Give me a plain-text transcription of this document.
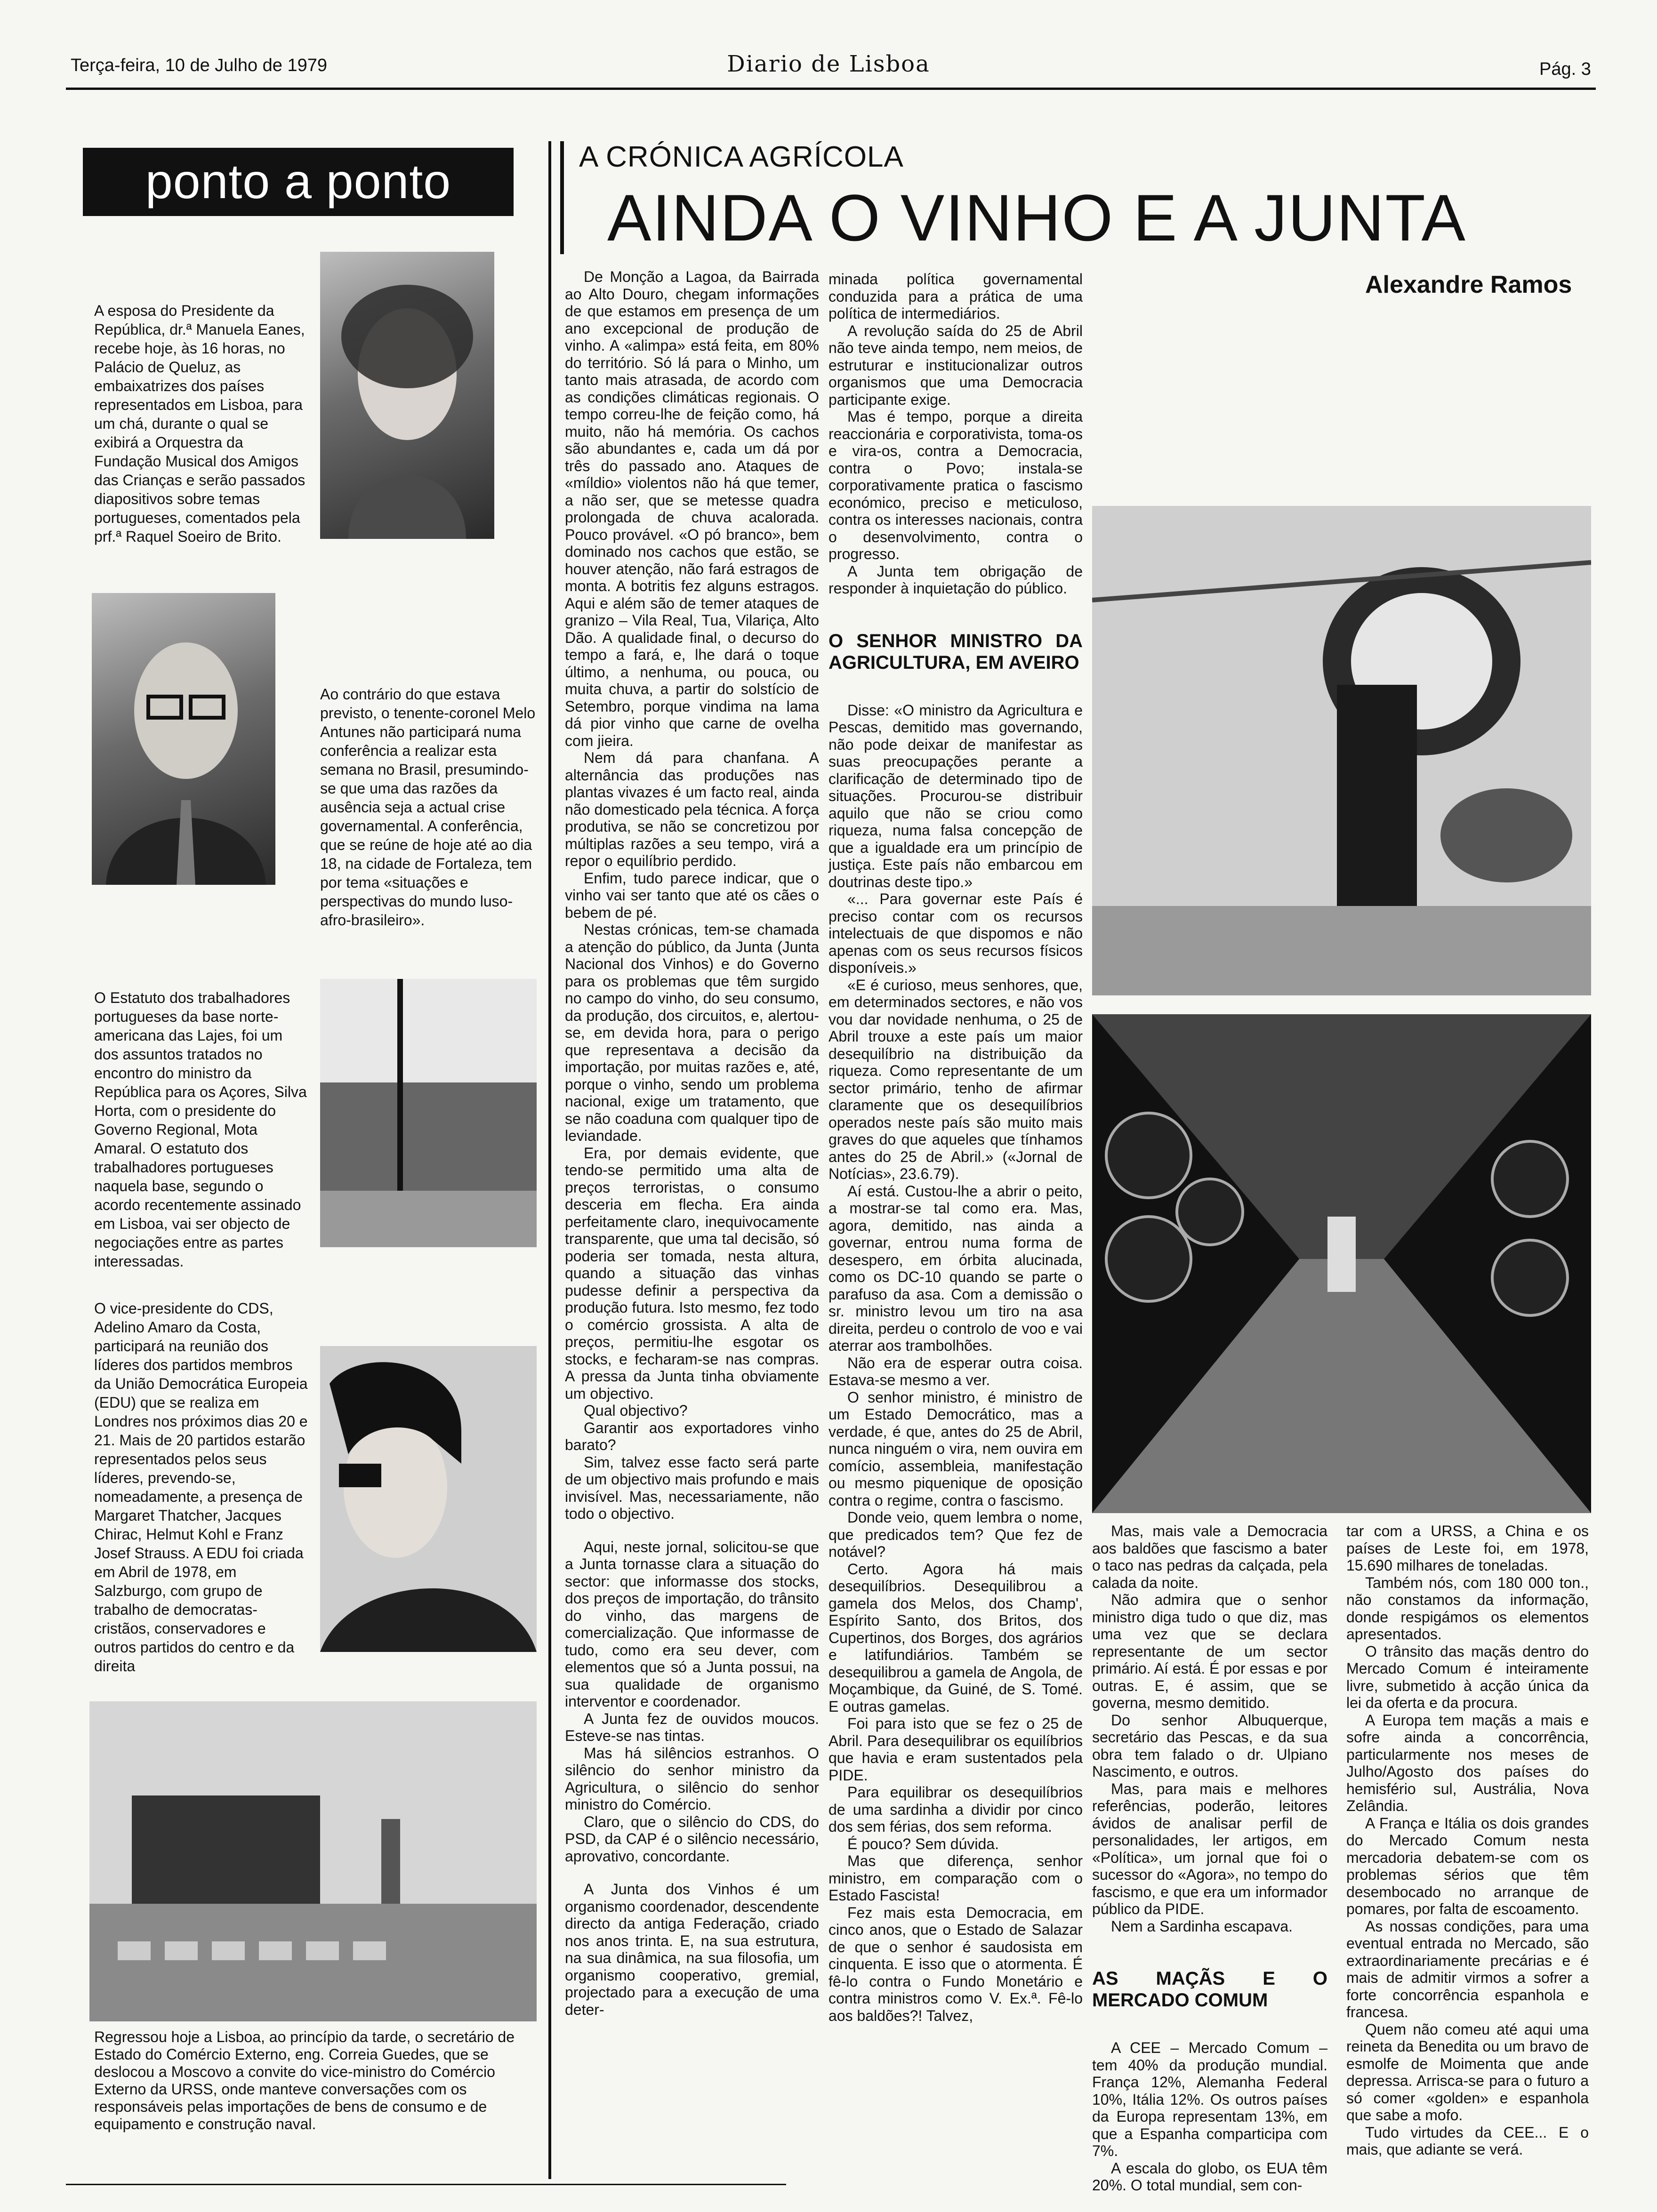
Terça-feira, 10 de Julho de 1979	Diario de Lisboa	Pág. 3
ponto a ponto
A esposa do Presidente da República, dr.ª Manuela Eanes, recebe hoje, às 16 horas, no Palácio de Queluz, as embaixatrizes dos países representados em Lisboa, para um chá, durante o qual se exibirá a Orquestra da Fundação Musical dos Amigos das Crianças e serão passados diapositivos sobre temas portugueses, comentados pela prf.ª Raquel Soeiro de Brito.
Ao contrário do que estava previsto, o tenente-coronel Melo Antunes não participará numa conferência a realizar esta semana no Brasil, presumindo-se que uma das razões da ausência seja a actual crise governamental. A conferência, que se reúne de hoje até ao dia 18, na cidade de Fortaleza, tem por tema «situações e perspectivas do mundo luso-afro-brasileiro».
O Estatuto dos trabalhadores portugueses da base norte-americana das Lajes, foi um dos assuntos tratados no encontro do ministro da República para os Açores, Silva Horta, com o presidente do Governo Regional, Mota Amaral. O estatuto dos trabalhadores portugueses naquela base, segundo o acordo recentemente assinado em Lisboa, vai ser objecto de negociações entre as partes interessadas.
O vice-presidente do CDS, Adelino Amaro da Costa, participará na reunião dos líderes dos partidos membros da União Democrática Europeia (EDU) que se realiza em Londres nos próximos dias 20 e 21. Mais de 20 partidos estarão representados pelos seus líderes, prevendo-se, nomeadamente, a presença de Margaret Thatcher, Jacques Chirac, Helmut Kohl e Franz Josef Strauss. A EDU foi criada em Abril de 1978, em Salzburgo, com grupo de trabalho de democratas-cristãos, conservadores e outros partidos do centro e da direita
Regressou hoje a Lisboa, ao princípio da tarde, o secretário de Estado do Comércio Externo, eng. Correia Guedes, que se deslocou a Moscovo a convite do vice-ministro do Comércio Externo da URSS, onde manteve conversações com os responsáveis pelas importações de bens de consumo e de equipamento e construção naval.
A CRÓNICA AGRÍCOLA
AINDA O VINHO E A JUNTA
Alexandre Ramos

De Monção a Lagoa, da Bairrada ao Alto Douro, chegam informações de que estamos em presença de um ano excepcional de produção de vinho. A «alimpa» está feita, em 80% do território. Só lá para o Minho, um tanto mais atrasada, de acordo com as condições climáticas regionais. O tempo correu-lhe de feição como, há muito, não há memória. Os cachos são abundantes e, cada um dá por três do passado ano. Ataques de «míldio» violentos não há que temer, a não ser, que se metesse quadra prolongada de chuva acalorada. Pouco provável. «O pó branco», bem dominado nos cachos que estão, se houver atenção, não fará estragos de monta. A botritis fez alguns estragos. Aqui e além são de temer ataques de granizo – Vila Real, Tua, Vilariça, Alto Dão. A qualidade final, o decurso do tempo a fará, e, lhe dará o toque último, a nenhuma, ou pouca, ou muita chuva, a partir do solstício de Setembro, porque vindima na lama dá pior vinho que carne de ovelha com jieira.

Nem dá para chanfana. A alternância das produções nas plantas vivazes é um facto real, ainda não domesticado pela técnica. A força produtiva, se não se concretizou por múltiplas razões a seu tempo, virá a repor o equilíbrio perdido.

Enfim, tudo parece indicar, que o vinho vai ser tanto que até os cães o bebem de pé.

Nestas crónicas, tem-se chamada a atenção do público, da Junta (Junta Nacional dos Vinhos) e do Governo para os problemas que têm surgido no campo do vinho, do seu consumo, da produção, dos circuitos, e, alertou-se, em devida hora, para o perigo que representava a decisão da importação, por muitas razões e, até, porque o vinho, sendo um problema nacional, exige um tratamento, que se não coaduna com qualquer tipo de leviandade.

Era, por demais evidente, que tendo-se permitido uma alta de preços terroristas, o consumo desceria em flecha. Era ainda perfeitamente claro, inequivocamente transparente, que uma tal decisão, só poderia ser tomada, nesta altura, quando a situação das vinhas pudesse definir a perspectiva da produção futura. Isto mesmo, fez todo o comércio grossista. A alta de preços, permitiu-lhe esgotar os stocks, e fecharam-se nas compras. A pressa da Junta tinha obviamente um objectivo.

Qual objectivo?

Garantir aos exportadores vinho barato?

Sim, talvez esse facto será parte de um objectivo mais profundo e mais invisível. Mas, necessariamente, não todo o objectivo.

Aqui, neste jornal, solicitou-se que a Junta tornasse clara a situação do sector: que informasse dos stocks, dos preços de importação, do trânsito do vinho, das margens de comercialização. Que informasse de tudo, como era seu dever, com elementos que só a Junta possui, na sua qualidade de organismo interventor e coordenador.

A Junta fez de ouvidos moucos. Esteve-se nas tintas.

Mas há silêncios estranhos. O silêncio do senhor ministro da Agricultura, o silêncio do senhor ministro do Comércio.

Claro, que o silêncio do CDS, do PSD, da CAP é o silêncio necessário, aprovativo, concordante.

A Junta dos Vinhos é um organismo coordenador, descendente directo da antiga Federação, criado nos anos trinta. E, na sua estrutura, na sua dinâmica, na sua filosofia, um organismo cooperativo, gremial, projectado para a execução de uma deter-

minada política governamental conduzida para a prática de uma política de intermediários.

A revolução saída do 25 de Abril não teve ainda tempo, nem meios, de estruturar e institucionalizar outros organismos que uma Democracia participante exige.

Mas é tempo, porque a direita reaccionária e corporativista, toma-os e vira-os, contra a Democracia, contra o Povo; instala-se corporativamente pratica o fascismo económico, preciso e meticuloso, contra os interesses nacionais, contra o desenvolvimento, contra o progresso.

A Junta tem obrigação de responder à inquietação do público.

O SENHOR MINISTRO DA AGRICULTURA, EM AVEIRO

Disse: «O ministro da Agricultura e Pescas, demitido mas governando, não pode deixar de manifestar as suas preocupações perante a clarificação de determinado tipo de situações. Procurou-se distribuir aquilo que não se criou como riqueza, numa falsa concepção de que a igualdade era um princípio de justiça. Este país não embarcou em doutrinas deste tipo.»

«... Para governar este País é preciso contar com os recursos intelectuais de que dispomos e não apenas com os seus recursos físicos disponíveis.»

«E é curioso, meus senhores, que, em determinados sectores, e não vos vou dar novidade nenhuma, o 25 de Abril trouxe a este país um maior desequilíbrio na distribuição da riqueza. Como representante de um sector primário, tenho de afirmar claramente que os desequilíbrios operados neste país são muito mais graves do que aqueles que tínhamos antes do 25 de Abril.» («Jornal de Notícias», 23.6.79).

Aí está. Custou-lhe a abrir o peito, a mostrar-se tal como era. Mas, agora, demitido, nas ainda a governar, entrou numa forma de desespero, em órbita alucinada, como os DC-10 quando se parte o parafuso da asa. Com a demissão o sr. ministro levou um tiro na asa direita, perdeu o controlo de voo e vai aterrar aos trambolhões.

Não era de esperar outra coisa. Estava-se mesmo a ver.

O senhor ministro, é ministro de um Estado Democrático, mas a verdade, é que, antes do 25 de Abril, nunca ninguém o vira, nem ouvira em comício, assembleia, manifestação ou mesmo piquenique de oposição contra o regime, contra o fascismo.

Donde veio, quem lembra o nome, que predicados tem? Que fez de notável?

Certo. Agora há mais desequilíbrios. Desequilibrou a gamela dos Melos, dos Champ', Espírito Santo, dos Britos, dos Cupertinos, dos Borges, dos agrários e latifundiários. Também se desequilibrou a gamela de Angola, de Moçambique, da Guiné, de S. Tomé. E outras gamelas.

Foi para isto que se fez o 25 de Abril. Para desequilibrar os equilíbrios que havia e eram sustentados pela PIDE.

Para equilibrar os desequilíbrios de uma sardinha a dividir por cinco dos sem férias, dos sem reforma.

É pouco? Sem dúvida.

Mas que diferença, senhor ministro, em comparação com o Estado Fascista!

Fez mais esta Democracia, em cinco anos, que o Estado de Salazar de que o senhor é saudosista em cinquenta. E isso que o atormenta. É fê-lo contra o Fundo Monetário e contra ministros como V. Ex.ª. Fê-lo aos baldões?! Talvez,

Mas, mais vale a Democracia aos baldões que fascismo a bater o taco nas pedras da calçada, pela calada da noite.

Não admira que o senhor ministro diga tudo o que diz, mas uma vez que se declara representante de um sector primário. Aí está. É por essas e por outras. E, é assim, que se governa, mesmo demitido.

Do senhor Albuquerque, secretário das Pescas, e da sua obra tem falado o dr. Ulpiano Nascimento, e outros.

Mas, para mais e melhores referências, poderão, leitores ávidos de analisar perfil de personalidades, ler artigos, em «Política», um jornal que foi o sucessor do «Agora», no tempo do fascismo, e que era um informador público da PIDE.

Nem a Sardinha escapava.

AS MAÇÃS E O MERCADO COMUM

A CEE – Mercado Comum – tem 40% da produção mundial. França 12%, Alemanha Federal 10%, Itália 12%. Os outros países da Europa representam 13%, em que a Espanha comparticipa com 7%.

A escala do globo, os EUA têm 20%. O total mundial, sem con-

tar com a URSS, a China e os países de Leste foi, em 1978, 15.690 milhares de toneladas.

Também nós, com 180 000 ton., não constamos da informação, donde respigámos os elementos apresentados.

O trânsito das maçãs dentro do Mercado Comum é inteiramente livre, submetido à acção única da lei da oferta e da procura.

A Europa tem maçãs a mais e sofre ainda a concorrência, particularmente nos meses de Julho/Agosto dos países do hemisfério sul, Austrália, Nova Zelândia.

A França e Itália os dois grandes do Mercado Comum nesta mercadoria debatem-se com os problemas sérios que têm desembocado no arranque de pomares, por falta de escoamento.

As nossas condições, para uma eventual entrada no Mercado, são extraordinariamente precárias e é mais de admitir virmos a sofrer a forte concorrência espanhola e francesa.

Quem não comeu até aqui uma reineta da Benedita ou um bravo de esmolfe de Moimenta que ande depressa. Arrisca-se para o futuro a só comer «golden» e espanhola que sabe a mofo.

Tudo virtudes da CEE... E o mais, que adiante se verá.
